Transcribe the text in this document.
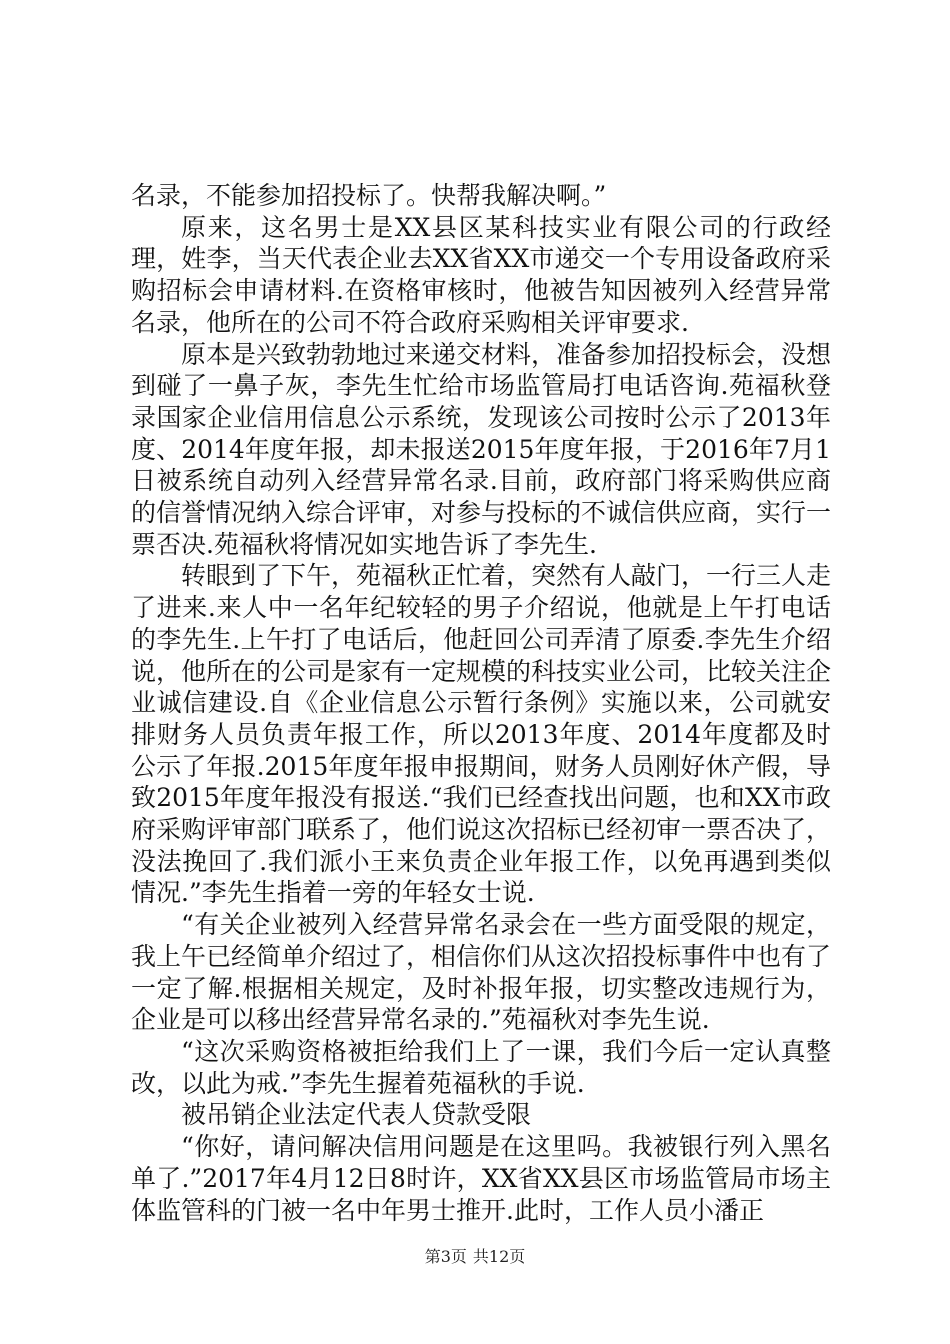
名录，不能参加招投标了。快帮我解决啊。”

原来，这名男士是XX县区某科技实业有限公司的行政经理，姓李，当天代表企业去XX省XX市递交一个专用设备政府采购招标会申请材料.在资格审核时，他被告知因被列入经营异常名录，他所在的公司不符合政府采购相关评审要求.

原本是兴致勃勃地过来递交材料，准备参加招投标会，没想到碰了一鼻子灰，李先生忙给市场监管局打电话咨询.苑福秋登录国家企业信用信息公示系统，发现该公司按时公示了2013年度、2014年度年报，却未报送2015年度年报，于2016年7月1日被系统自动列入经营异常名录.目前，政府部门将采购供应商的信誉情况纳入综合评审，对参与投标的不诚信供应商，实行一票否决.苑福秋将情况如实地告诉了李先生.

转眼到了下午，苑福秋正忙着，突然有人敲门，一行三人走了进来.来人中一名年纪较轻的男子介绍说，他就是上午打电话的李先生.上午打了电话后，他赶回公司弄清了原委.李先生介绍说，他所在的公司是家有一定规模的科技实业公司，比较关注企业诚信建设.自《企业信息公示暂行条例》实施以来，公司就安排财务人员负责年报工作，所以2013年度、2014年度都及时公示了年报.2015年度年报申报期间，财务人员刚好休产假，导致2015年度年报没有报送.“我们已经查找出问题，也和XX市政府采购评审部门联系了，他们说这次招标已经初审一票否决了，没法挽回了.我们派小王来负责企业年报工作，以免再遇到类似情况.”李先生指着一旁的年轻女士说.

“有关企业被列入经营异常名录会在一些方面受限的规定，我上午已经简单介绍过了，相信你们从这次招投标事件中也有了一定了解.根据相关规定，及时补报年报，切实整改违规行为，企业是可以移出经营异常名录的.”苑福秋对李先生说.

“这次采购资格被拒给我们上了一课，我们今后一定认真整改，以此为戒.”李先生握着苑福秋的手说.

被吊销企业法定代表人贷款受限

“你好，请问解决信用问题是在这里吗。我被银行列入黑名单了.”2017年4月12日8时许，XX省XX县区市场监管局市场主体监管科的门被一名中年男士推开.此时，工作人员小潘正

第3页 共12页
